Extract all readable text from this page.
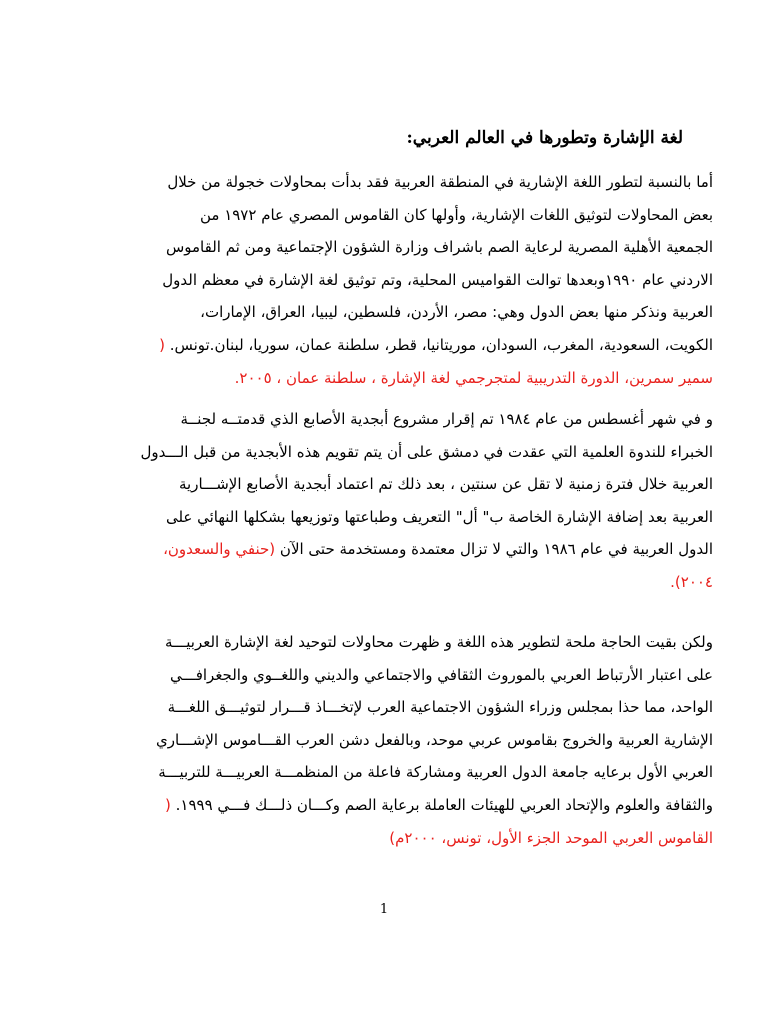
لغة الإشارة وتطورها في العالم العربي:
أما بالنسبة لتطور اللغة الإشارية في المنطقة العربية فقد بدأت بمحاولات خجولة من خلال
بعض المحاولات لتوثيق اللغات الإشارية، وأولها كان القاموس المصري عام ١٩٧٢ من
الجمعية الأهلية المصرية لرعاية الصم باشراف وزارة الشؤون الإجتماعية ومن ثم القاموس
الاردني عام ١٩٩٠وبعدها توالت القواميس المحلية، وتم توثيق لغة الإشارة في معظم الدول
العربية ونذكر منها بعض الدول وهي: مصر، الأردن، فلسطين، ليبيا، العراق، الإمارات،
الكويت، السعودية، المغرب، السودان، موريتانيا، قطر، سلطنة عمان، سوريا، لبنان.تونس. (
سمير سمرين، الدورة التدريبية لمتجرجمي لغة الإشارة ، سلطنة عمان ، ٢٠٠٥.
و في شهر أغسطس من عام ١٩٨٤ تم إقرار مشروع أبجدية الأصابع الذي قدمتــه لجنــة
الخبراء للندوة العلمية التي عقدت في دمشق على أن يتم تقويم هذه الأبجدية من قبل الـــدول
العربية خلال فترة زمنية لا تقل عن سنتين ، بعد ذلك تم اعتماد أبجدية الأصابع الإشـــارية
العربية بعد إضافة الإشارة الخاصة ب" أل" التعريف وطباعتها وتوزيعها بشكلها النهائي على
الدول العربية في عام ١٩٨٦ والتي لا تزال معتمدة ومستخدمة حتى الآن (حنفي والسعدون،
٢٠٠٤).
ولكن بقيت الحاجة ملحة لتطوير هذه اللغة و ظهرت محاولات لتوحيد لغة الإشارة العربيـــة
على اعتبار الأرتباط العربي بالموروث الثقافي والاجتماعي والديني واللغــوي والجغرافـــي
الواحد، مما حذا بمجلس وزراء الشؤون الاجتماعية العرب لإتخـــاذ قـــرار لتوثيـــق اللغـــة
الإشارية العربية والخروج بقاموس عربي موحد، وبالفعل دشن العرب القـــاموس الإشـــاري
العربي الأول برعايه جامعة الدول العربية ومشاركة فاعلة من المنظمـــة العربيـــة للتربيـــة
والثقافة والعلوم والإتحاد العربي للهيئات العاملة برعاية الصم وكـــان ذلـــك فـــي ١٩٩٩. (
القاموس العربي الموحد الجزء الأول، تونس، ٢٠٠٠م)
1
